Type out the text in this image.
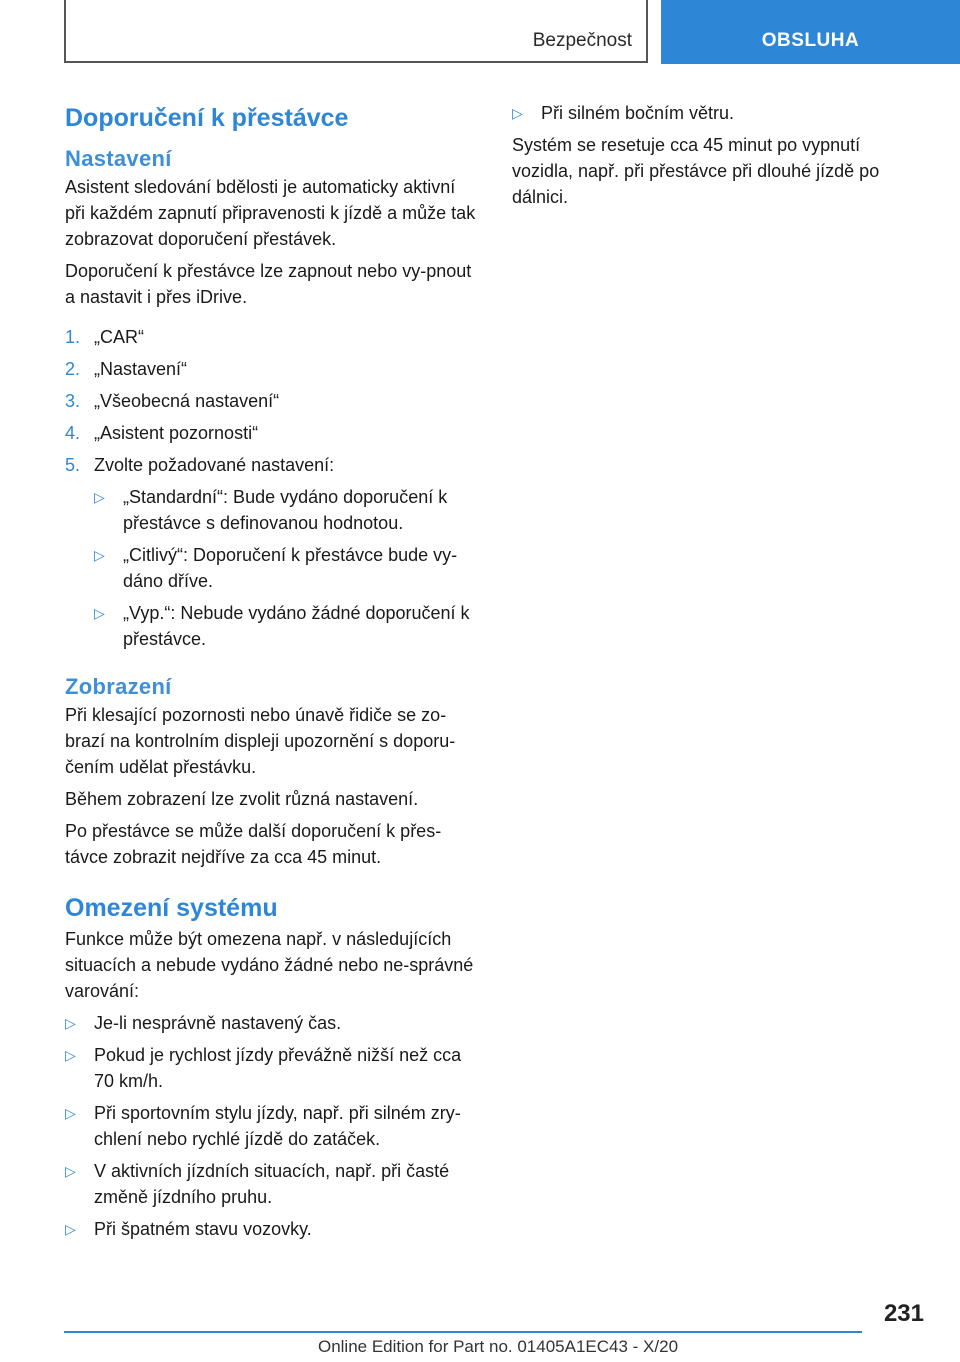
Bezpečnost	OBSLUHA
Doporučení k přestávce
Nastavení

Asistent sledování bdělosti je automaticky aktivní při každém zapnutí připravenosti k jízdě a může tak zobrazovat doporučení přestávek.

Doporučení k přestávce lze zapnout nebo vy-pnout a nastavit i přes iDrive.

1. „CAR“
2. „Nastavení“
3. „Všeobecná nastavení“
4. „Asistent pozornosti“
5. Zvolte požadované nastavení:
▷	„Standardní“: Bude vydáno doporučení k přestávce s definovanou hodnotou.
▷	„Citlivý“: Doporučení k přestávce bude vy-dáno dříve.
▷	„Vyp.“: Nebude vydáno žádné doporučení k přestávce.
Zobrazení

Při klesající pozornosti nebo únavě řidiče se zo-brazí na kontrolním displeji upozornění s doporu-čením udělat přestávku.

Během zobrazení lze zvolit různá nastavení.

Po přestávce se může další doporučení k přes-távce zobrazit nejdříve za cca 45 minut.

Omezení systému

Funkce může být omezena např. v následujících situacích a nebude vydáno žádné nebo ne-správné varování:

▷	Je-li nesprávně nastavený čas.
▷	Pokud je rychlost jízdy převážně nižší než cca 70 km/h.
▷	Při sportovním stylu jízdy, např. při silném zry-chlení nebo rychlé jízdě do zatáček.
▷	V aktivních jízdních situacích, např. při časté změně jízdního pruhu.
▷	Při špatném stavu vozovky.
▷	Při silném bočním větru.

Systém se resetuje cca 45 minut po vypnutí vozidla, např. při přestávce při dlouhé jízdě po dálnici.

231
Online Edition for Part no. 01405A1EC43 - X/20
